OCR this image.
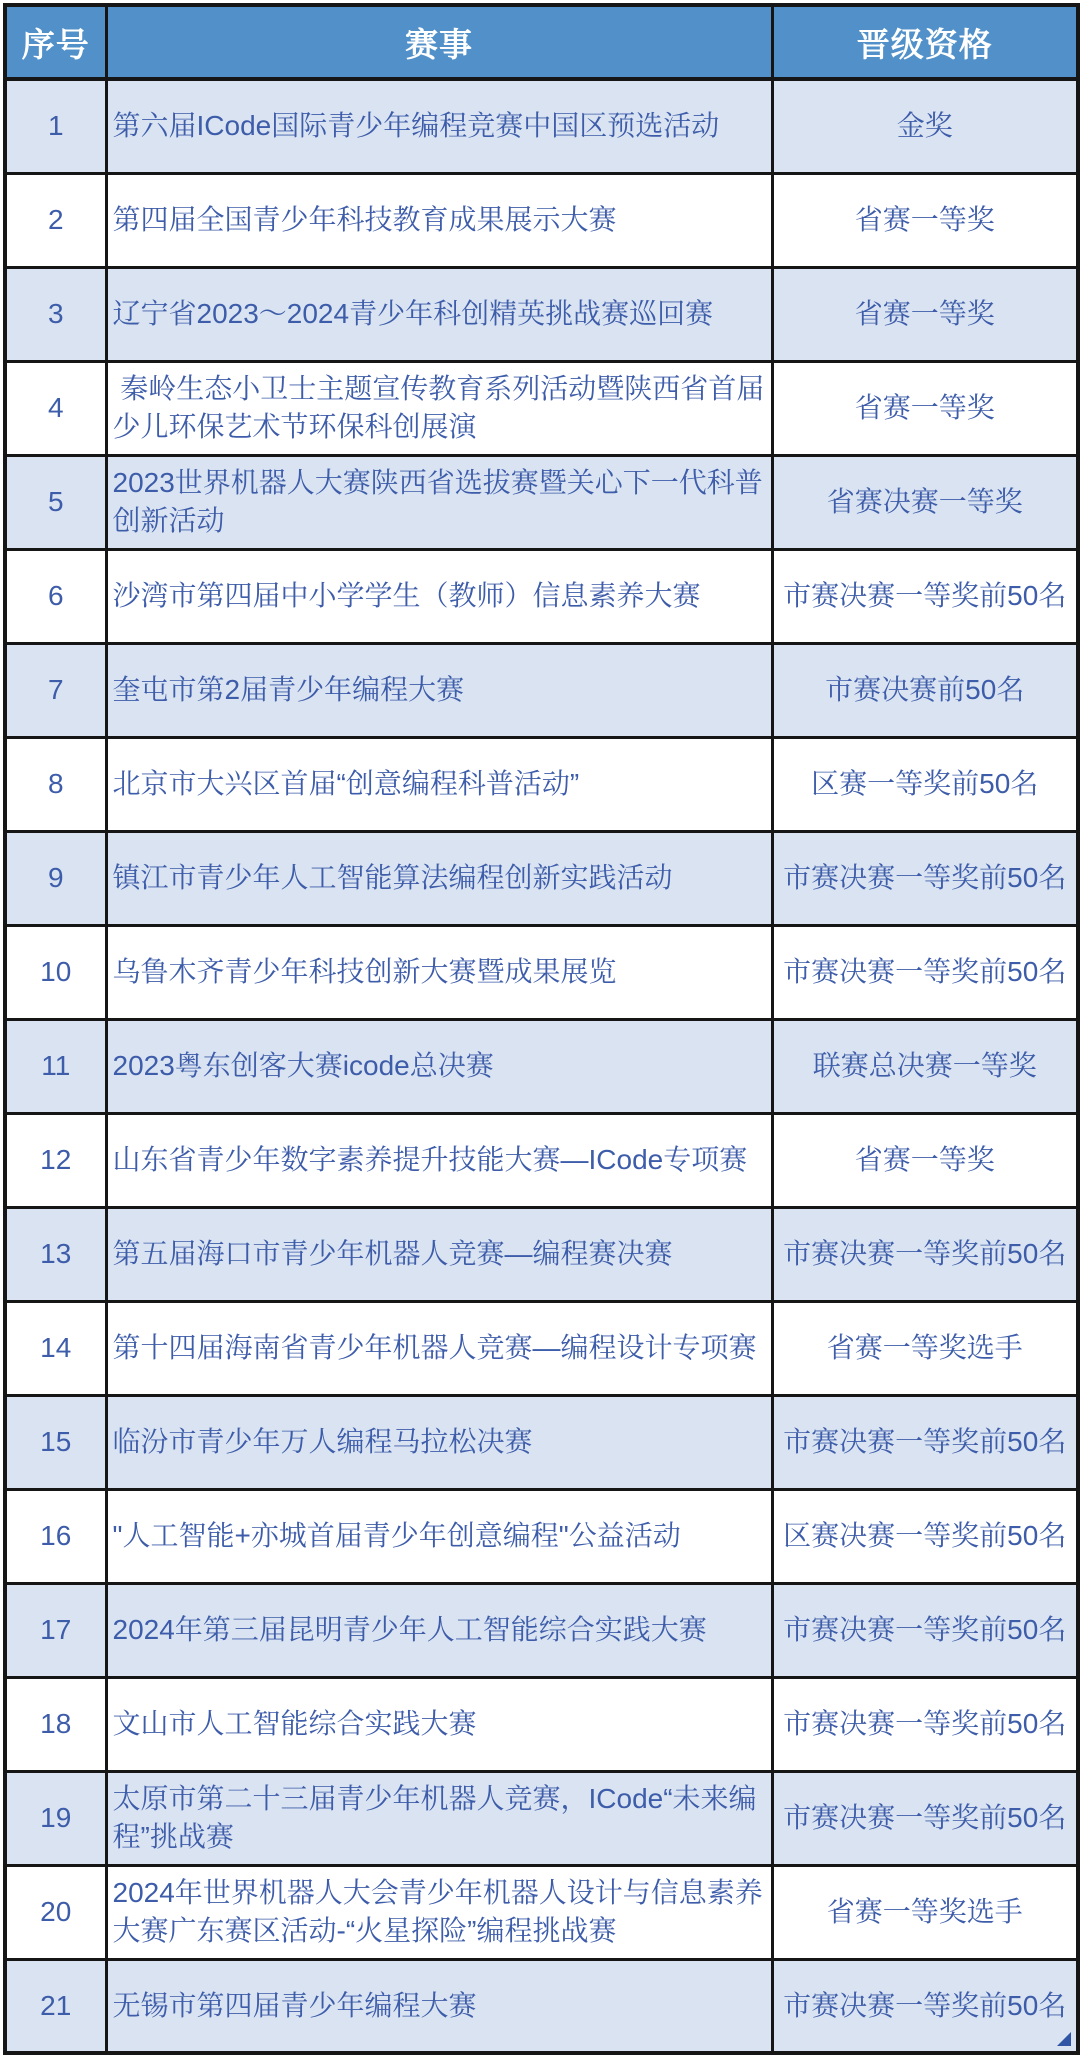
序号	赛事	晋级资格
1	第六届ICode国际青少年编程竞赛中国区预选活动	金奖
2	第四届全国青少年科技教育成果展示大赛	省赛一等奖
3	辽宁省2023～2024青少年科创精英挑战赛巡回赛	省赛一等奖
4	秦岭生态小卫士主题宣传教育系列活动暨陕西省首届少儿环保艺术节环保科创展演	省赛一等奖
5	2023世界机器人大赛陕西省选拔赛暨关心下一代科普创新活动	省赛决赛一等奖
6	沙湾市第四届中小学学生（教师）信息素养大赛	市赛决赛一等奖前50名
7	奎屯市第2届青少年编程大赛	市赛决赛前50名
8	北京市大兴区首届“创意编程科普活动”	区赛一等奖前50名
9	镇江市青少年人工智能算法编程创新实践活动	市赛决赛一等奖前50名
10	乌鲁木齐青少年科技创新大赛暨成果展览	市赛决赛一等奖前50名
11	2023粤东创客大赛icode总决赛	联赛总决赛一等奖
12	山东省青少年数字素养提升技能大赛—ICode专项赛	省赛一等奖
13	第五届海口市青少年机器人竞赛—编程赛决赛	市赛决赛一等奖前50名
14	第十四届海南省青少年机器人竞赛—编程设计专项赛	省赛一等奖选手
15	临汾市青少年万人编程马拉松决赛	市赛决赛一等奖前50名
16	"人工智能+亦城首届青少年创意编程"公益活动	区赛决赛一等奖前50名
17	2024年第三届昆明青少年人工智能综合实践大赛	市赛决赛一等奖前50名
18	文山市人工智能综合实践大赛	市赛决赛一等奖前50名
19	太原市第二十三届青少年机器人竞赛，ICode“未来编程”挑战赛	市赛决赛一等奖前50名
20	2024年世界机器人大会青少年机器人设计与信息素养大赛广东赛区活动-“火星探险”编程挑战赛	省赛一等奖选手
21	无锡市第四届青少年编程大赛	市赛决赛一等奖前50名
